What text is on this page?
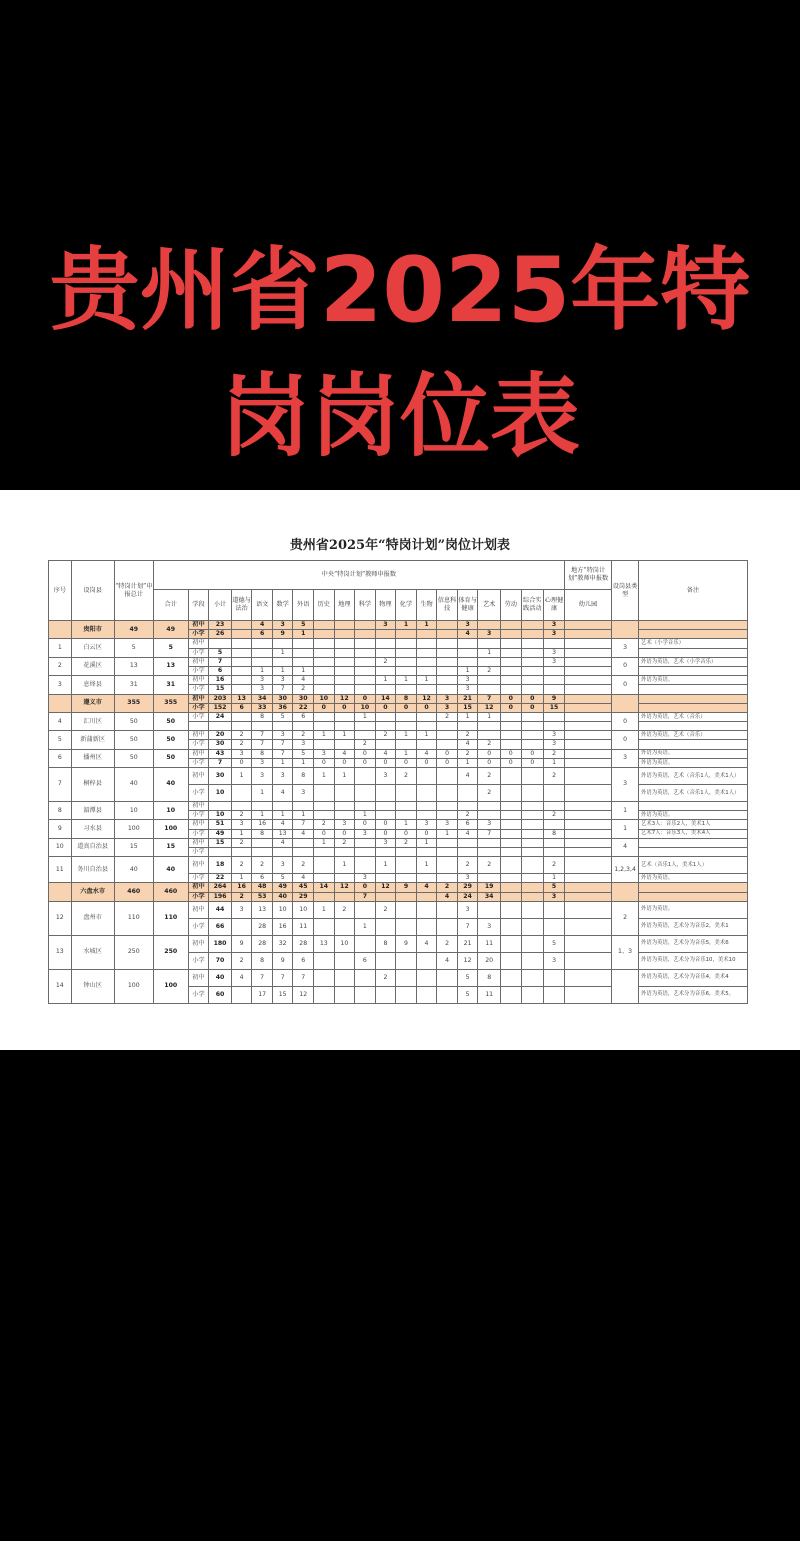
贵州省2025年特
岗岗位表
贵州省2025年“特岗计划”岗位计划表
序号	设岗县	“特岗计划”申报总计	中央“特岗计划”教师申报数																			地方“特岗计划”教师申报数	设岗县类型	备注
			合计	学段	小计	道德与法治	语文	数学	外语	历史	地理	科学	物理	化学	生物	信息科技	体育与健康	艺术	劳动	综合实践活动	心理健康	幼儿园		
	贵阳市	49	49	初中	23		4	3	5				3	1	1		3				3			
				小学	26		6	9	1								4	3			3			
1	白云区	5	5	初中																			3	艺术（小学音乐）
				小学	5			1										1			3			
2	花溪区	13	13	初中	7								2								3		0	外语为英语，艺术（小学音乐）
				小学	6		1	1	1								1	2						
3	息烽县	31	31	初中	16		3	3	4				1	1	1		3						0	外语为英语。
				小学	15		3	7	2								3							
	遵义市	355	355	初中	203	13	34	30	30	10	12	0	14	8	12	3	21	7	0	0	9			
				小学	152	6	33	36	22	0	0	10	0	0	0	3	15	12	0	0	15			
4	汇川区	50	50	小学	24		8	5	6			1				2	1	1					0	外语为英语，艺术（音乐）

5	新蒲新区	50	50	初中	20	2	7	3	2	1	1		2	1	1		2				3		0	外语为英语，艺术（音乐）
				小学	30	2	7	7	3			2					4	2			3			
6	播州区	50	50	初中	43	3	8	7	5	3	4	0	4	1	4	0	2	0	0	0	2		3	外语为英语。
				小学	7	0	3	1	1	0	0	0	0	0	0	0	1	0	0	0	1			外语为英语。
7	桐梓县	40	40	初中	30	1	3	3	8	1	1		3	2			4	2			2		3	外语为英语，艺术（音乐1人，美术1人）
				小学	10		1	4	3									2						外语为英语，艺术（音乐1人，美术1人）
8	湄潭县	10	10	初中																			1	
				小学	10	2	1	1	1			1					2				2			外语为英语。
9	习水县	100	100	初中	51	3	16	4	7	2	3	0	0	1	3	3	6	3					1	艺术3人：音乐2人，美术1人
				小学	49	1	8	13	4	0	0	3	0	0	0	1	4	7			8			艺术7人：音乐3人，美术4人
10	道真自治县	15	15	初中	15	2		4		1	2		3	2	1								4	
				小学																				
11	务川自治县	40	40	初中	18	2	2	3	2		1		1		1		2	2			2		1,2,3,4	艺术（音乐1人，美术1人）
				小学	22	1	6	5	4			3					3				1			外语为英语。
	六盘水市	460	460	初中	264	16	48	49	45	14	12	0	12	9	4	2	29	19			5			
				小学	196	2	53	40	29			7				4	24	34			3			
12	盘州市	110	110	初中	44	3	13	10	10	1	2		2				3						2	外语为英语。
				小学	66		28	16	11			1					7	3						外语为英语，艺术分为音乐2，美术1
13	水城区	250	250	初中	180	9	28	32	28	13	10		8	9	4	2	21	11			5		1、3	外语为英语，艺术分为音乐5，美术6
				小学	70	2	8	9	6			6				4	12	20			3			外语为英语，艺术分为音乐10，美术10
14	钟山区	100	100	初中	40	4	7	7	7				2				5	8						外语为英语，艺术分为音乐4，美术4
				小学	60		17	15	12								5	11						外语为英语，艺术分为音乐6，美术5。
